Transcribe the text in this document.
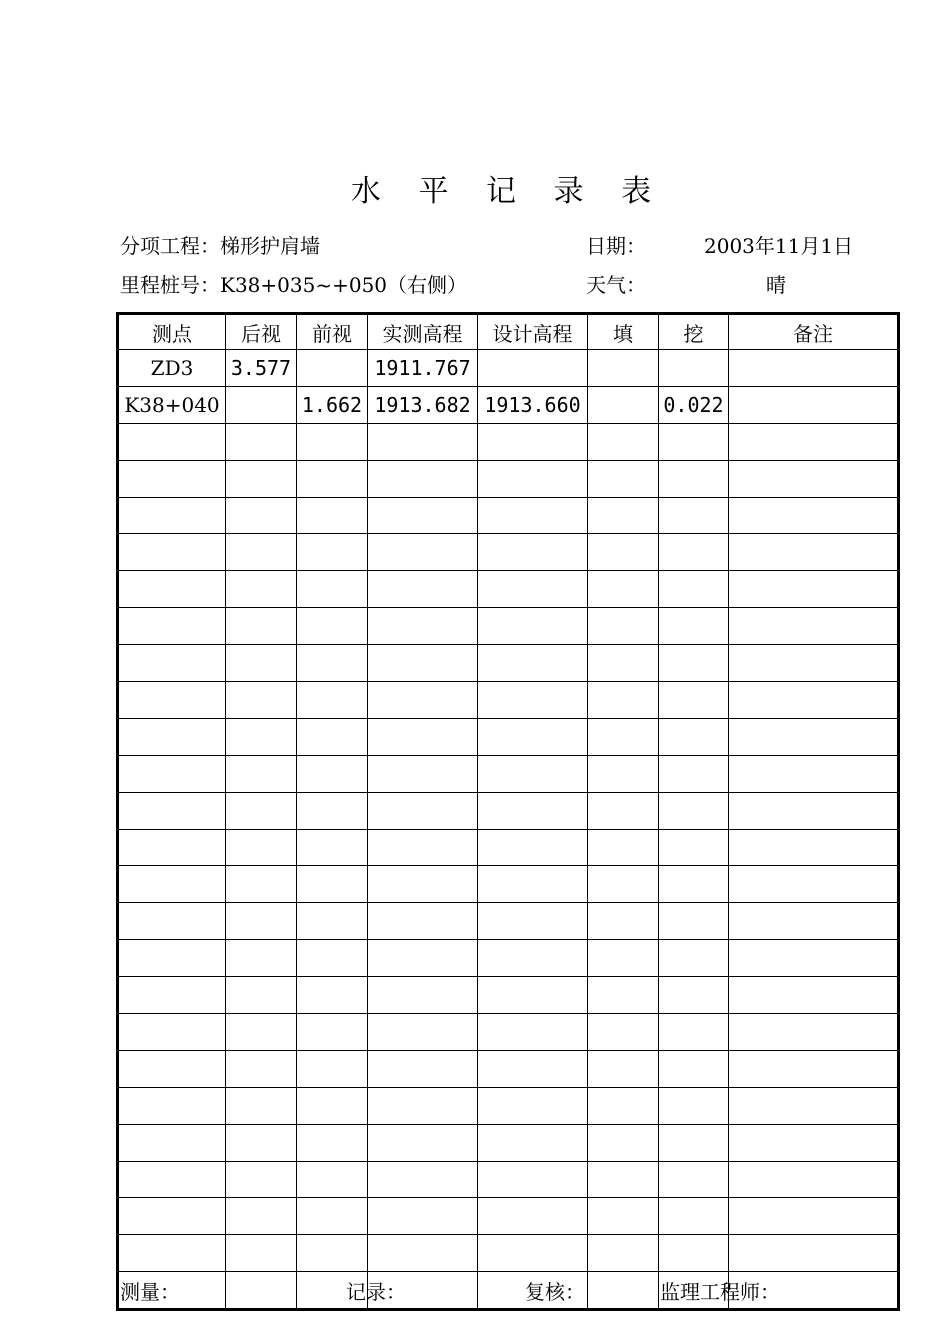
水 平 记 录 表
分项工程：梯形护肩墙	日期：	2003年11月1日
里程桩号：K38+035~+050（右侧）	天气：	晴
测点	后视	前视	实测高程	设计高程	填	挖	备注
ZD3	3.577		1911.767				
K38+040		1.662	1913.682	1913.660		0.022	

测量：	记录：	复核：	监理工程师：
